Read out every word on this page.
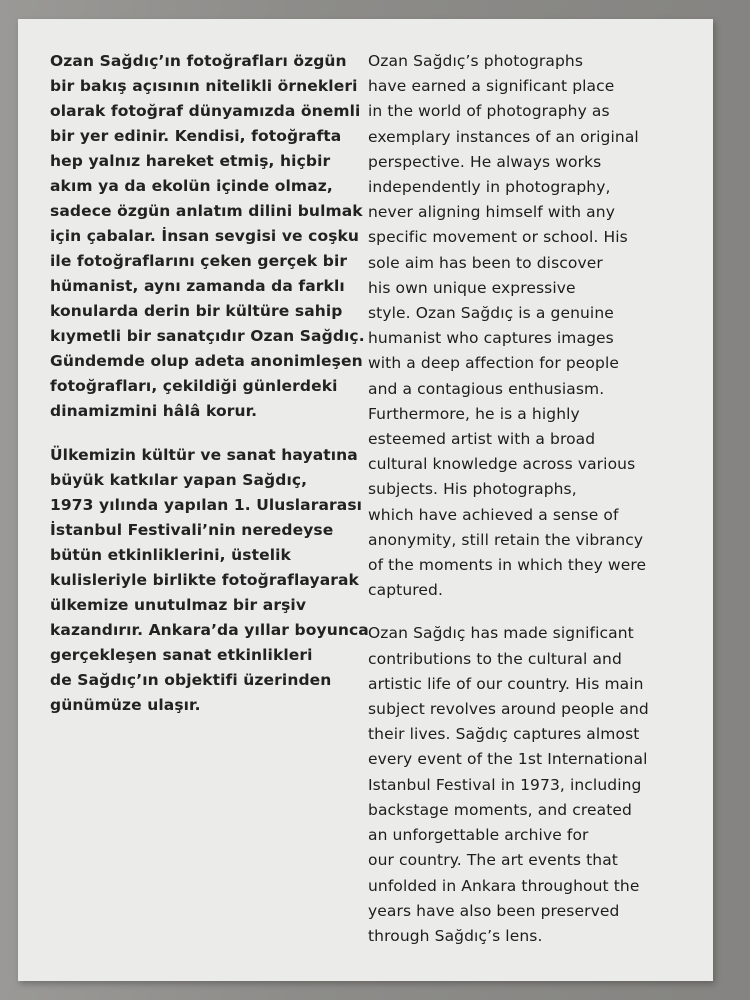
Ozan Sağdıç’ın fotoğrafları özgün
bir bakış açısının nitelikli örnekleri
olarak fotoğraf dünyamızda önemli
bir yer edinir. Kendisi, fotoğrafta
hep yalnız hareket etmiş, hiçbir
akım ya da ekolün içinde olmaz,
sadece özgün anlatım dilini bulmak
için çabalar. İnsan sevgisi ve coşku
ile fotoğraflarını çeken gerçek bir
hümanist, aynı zamanda da farklı
konularda derin bir kültüre sahip
kıymetli bir sanatçıdır Ozan Sağdıç.
Gündemde olup adeta anonimleşen
fotoğrafları, çekildiği günlerdeki
dinamizmini hâlâ korur.
Ülkemizin kültür ve sanat hayatına
büyük katkılar yapan Sağdıç,
1973 yılında yapılan 1. Uluslararası
İstanbul Festivali’nin neredeyse
bütün etkinliklerini, üstelik
kulisleriyle birlikte fotoğraflayarak
ülkemize unutulmaz bir arşiv
kazandırır. Ankara’da yıllar boyunca
gerçekleşen sanat etkinlikleri
de Sağdıç’ın objektifi üzerinden
günümüze ulaşır.
Ozan Sağdıç’s photographs
have earned a significant place
in the world of photography as
exemplary instances of an original
perspective. He always works
independently in photography,
never aligning himself with any
specific movement or school. His
sole aim has been to discover
his own unique expressive
style. Ozan Sağdıç is a genuine
humanist who captures images
with a deep affection for people
and a contagious enthusiasm.
Furthermore, he is a highly
esteemed artist with a broad
cultural knowledge across various
subjects. His photographs,
which have achieved a sense of
anonymity, still retain the vibrancy
of the moments in which they were
captured.
Ozan Sağdıç has made significant
contributions to the cultural and
artistic life of our country. His main
subject revolves around people and
their lives. Sağdıç captures almost
every event of the 1st International
Istanbul Festival in 1973, including
backstage moments, and created
an unforgettable archive for
our country. The art events that
unfolded in Ankara throughout the
years have also been preserved
through Sağdıç’s lens.
